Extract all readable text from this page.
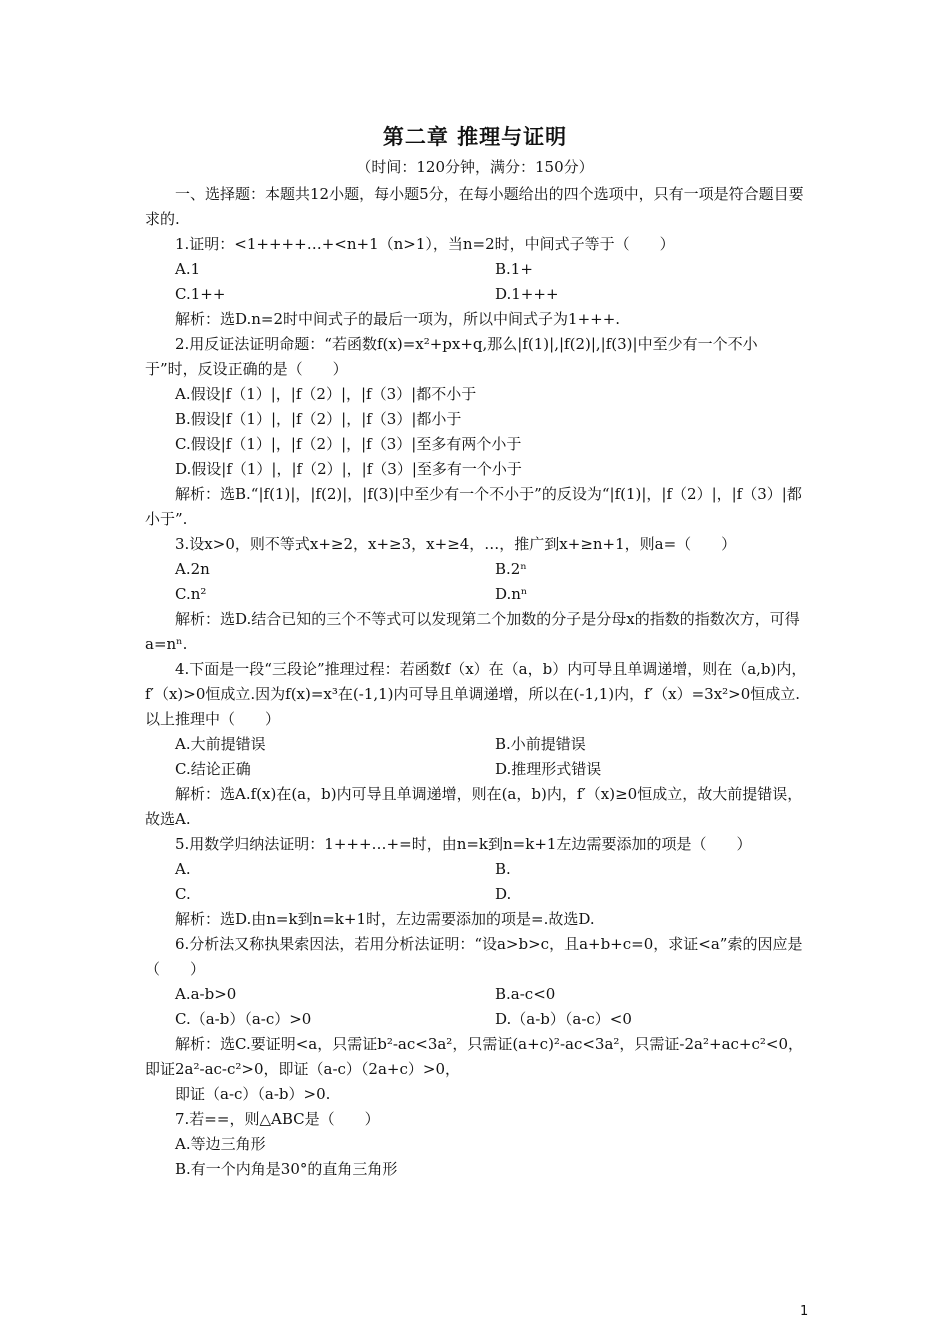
第二章 推理与证明
（时间：120分钟，满分：150分）

一、选择题：本题共12小题，每小题5分，在每小题给出的四个选项中，只有一项是符合题目要求的.

1.证明：<1++++…+<n+1（n>1），当n=2时，中间式子等于（　　）

A.1	B.1+
C.1++	D.1+++

解析：选D.n=2时中间式子的最后一项为，所以中间式子为1+++.

2.用反证法证明命题：“若函数f(x)=x²+px+q,那么|f(1)|,|f(2)|,|f(3)|中至少有一个不小于”时，反设正确的是（　　）

A.假设|f（1）|，|f（2）|，|f（3）|都不小于
B.假设|f（1）|，|f（2）|，|f（3）|都小于
C.假设|f（1）|，|f（2）|，|f（3）|至多有两个小于
D.假设|f（1）|，|f（2）|，|f（3）|至多有一个小于

解析：选B.“|f(1)|，|f(2)|，|f(3)|中至少有一个不小于”的反设为“|f(1)|，|f（2）|，|f（3）|都小于”.

3.设x>0，则不等式x+≥2，x+≥3，x+≥4，…，推广到x+≥n+1，则a=（　　）

A.2n	B.2ⁿ
C.n²	D.nⁿ

解析：选D.结合已知的三个不等式可以发现第二个加数的分子是分母x的指数的指数次方，可得a=nⁿ.

4.下面是一段“三段论”推理过程：若函数f（x）在（a，b）内可导且单调递增，则在（a,b)内，f′（x)>0恒成立.因为f(x)=x³在(-1,1)内可导且单调递增，所以在(-1,1)内，f′（x）=3x²>0恒成立.以上推理中（　　）

A.大前提错误	B.小前提错误
C.结论正确	D.推理形式错误

解析：选A.f(x)在(a，b)内可导且单调递增，则在(a，b)内，f′（x)≥0恒成立，故大前提错误，故选A.

5.用数学归纳法证明：1+++…+=时，由n=k到n=k+1左边需要添加的项是（　　）

A.	B.
C.	D.

解析：选D.由n=k到n=k+1时，左边需要添加的项是=.故选D.

6.分析法又称执果索因法，若用分析法证明：“设a>b>c，且a+b+c=0，求证<a”索的因应是（　　）

A.a-b>0	B.a-c<0
C.（a-b）（a-c）>0	D.（a-b）（a-c）<0

解析：选C.要证明<a，只需证b²-ac<3a²，只需证(a+c)²-ac<3a²，只需证-2a²+ac+c²<0，即证2a²-ac-c²>0，即证（a-c）（2a+c）>0，

即证（a-c）（a-b）>0.

7.若==，则△ABC是（　　）

A.等边三角形
B.有一个内角是30°的直角三角形
1
